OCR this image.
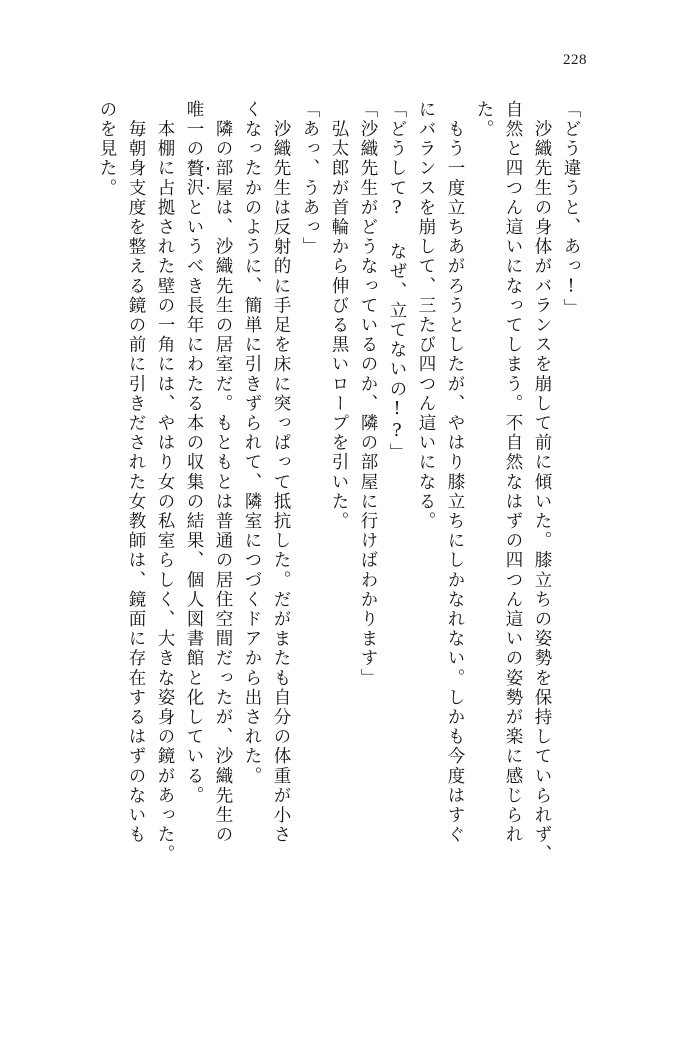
228
「どう違うと、あっ!」
　沙織先生の身体がバランスを崩して前に傾いた。膝立ちの姿勢を保持していられず、
自然と四つん這いになってしまう。不自然なはずの四つん這いの姿勢が楽に感じられ
た。
　もう一度立ちあがろうとしたが、やはり膝立ちにしかなれない。しかも今度はすぐ
にバランスを崩して、三たび四つん這いになる。
「どうして? なぜ、立てないの!?」
「沙織先生がどうなっているのか、隣の部屋に行けばわかります」
　弘太郎が首輪から伸びる黒いロープを引いた。
「あっ、うあっ」
　沙織先生は反射的に手足を床に突っぱって抵抗した。だがまたも自分の体重が小さ
くなったかのように、簡単に引きずられて、隣室につづくドアから出された。
　隣の部屋は、沙織先生の居室だ。もともとは普通の居住空間だったが、沙織先生の
唯一の贅
沢
というべき長年にわたる本の収集の結果、個人図書館と化している。
　本棚に占拠された壁の一角には、やはり女の私室らしく、大きな姿身の鏡があった。
　毎朝身支度を整える鏡の前に引きだされた女教師は、鏡面に存在するはずのないも
のを見た。
